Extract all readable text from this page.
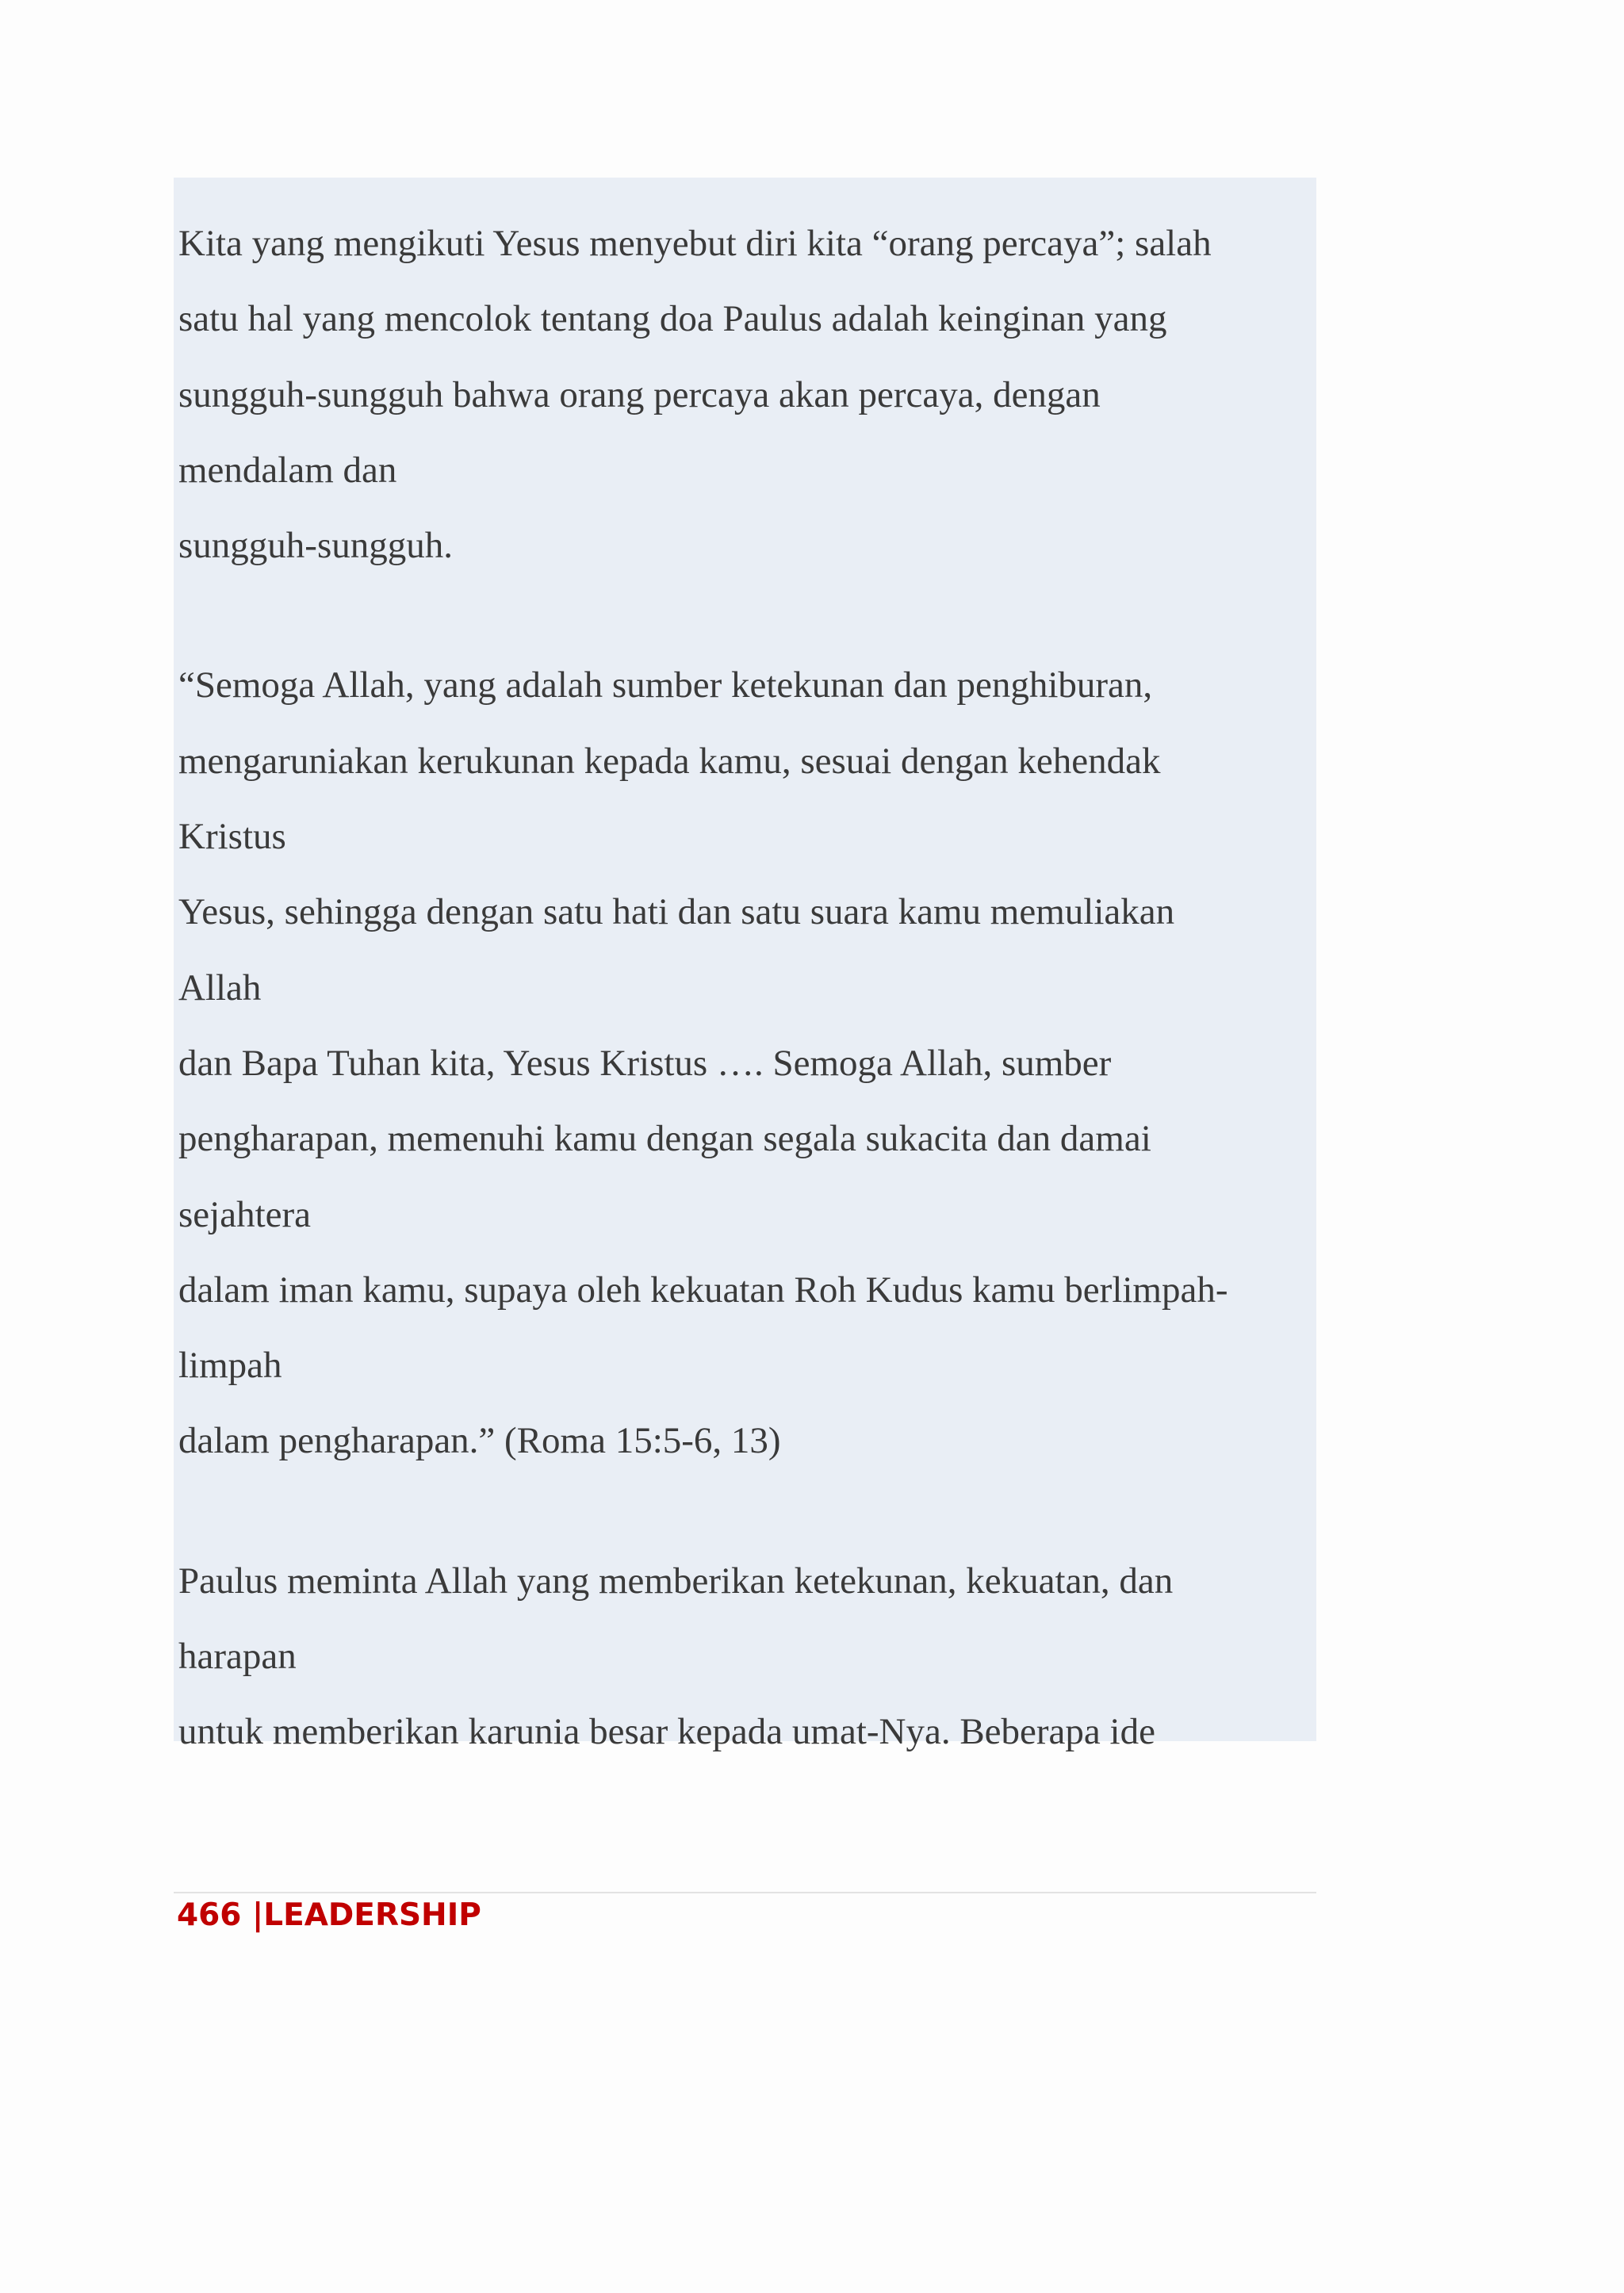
Kita yang mengikuti Yesus menyebut diri kita “orang percaya”; salah
satu hal yang mencolok tentang doa Paulus adalah keinginan yang
sungguh-sungguh bahwa orang percaya akan percaya, dengan
mendalam dan
sungguh-sungguh.
“Semoga Allah, yang adalah sumber ketekunan dan penghiburan,
mengaruniakan kerukunan kepada kamu, sesuai dengan kehendak
Kristus
Yesus, sehingga dengan satu hati dan satu suara kamu memuliakan
Allah
dan Bapa Tuhan kita, Yesus Kristus …. Semoga Allah, sumber
pengharapan, memenuhi kamu dengan segala sukacita dan damai
sejahtera
dalam iman kamu, supaya oleh kekuatan Roh Kudus kamu berlimpah-
limpah
dalam pengharapan.” (Roma 15:5-6, 13)
Paulus meminta Allah yang memberikan ketekunan, kekuatan, dan
harapan
untuk memberikan karunia besar kepada umat-Nya. Beberapa ide
466 |LEADERSHIP
